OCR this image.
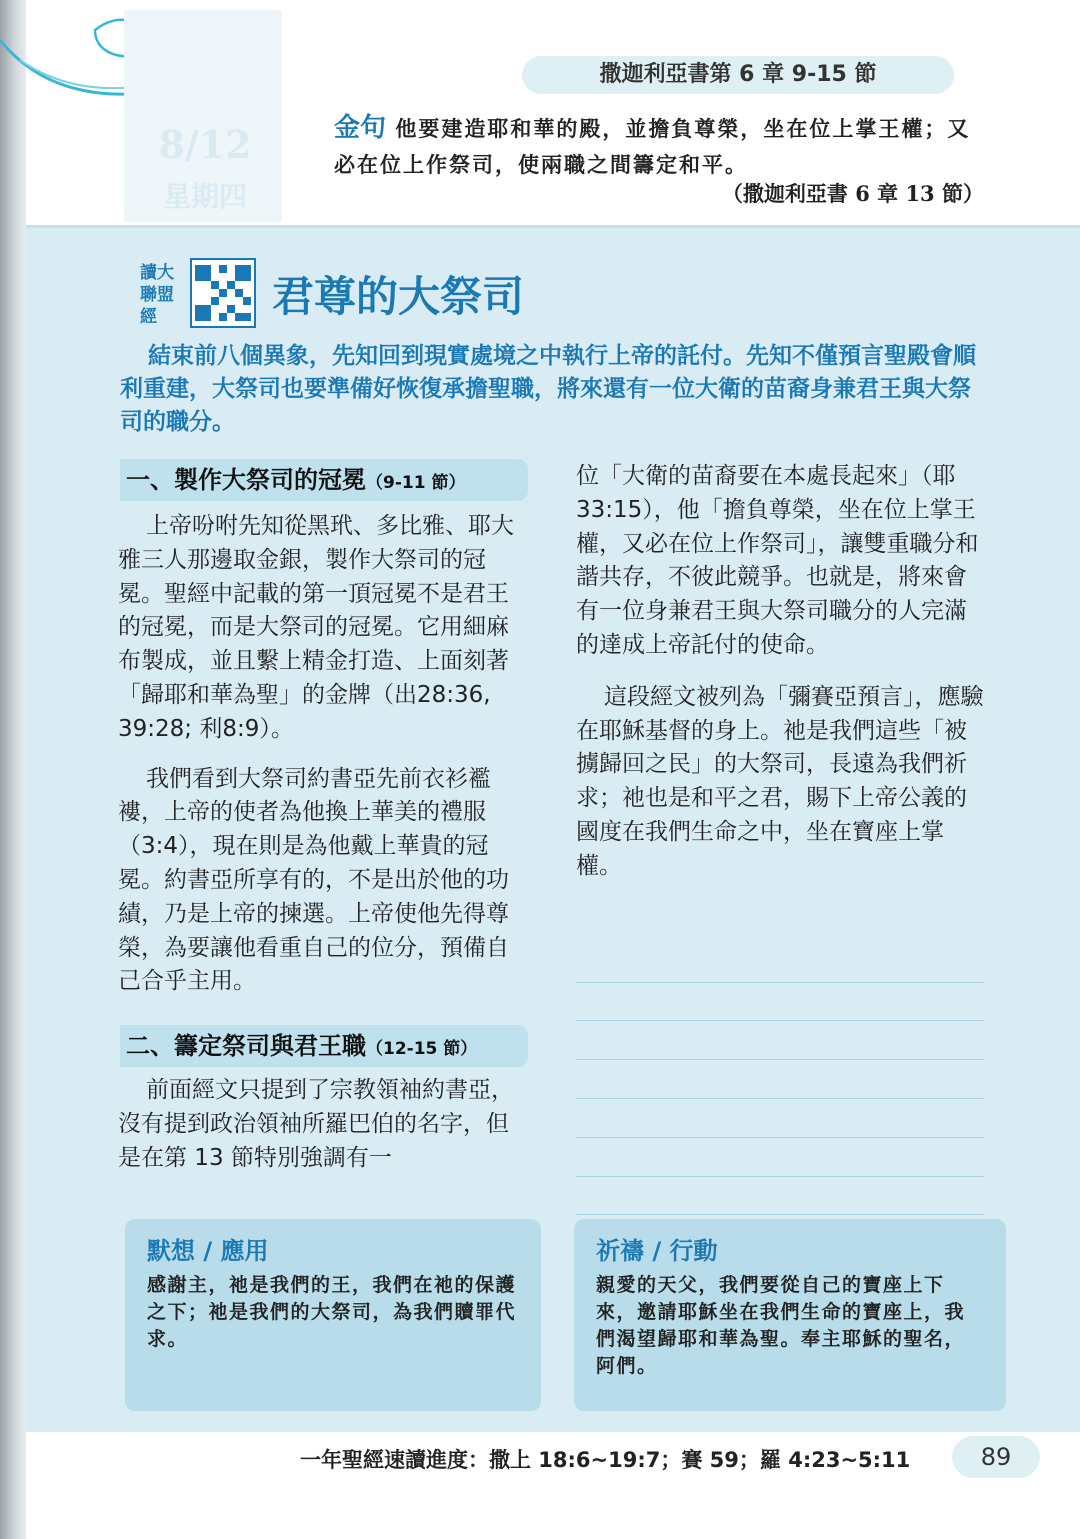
8/12
星期四
撒迦利亞書第 6 章 9-15 節
金句 他要建造耶和華的殿，並擔負尊榮，坐在位上掌王權；又必在位上作祭司，使兩職之間籌定和平。
（撒迦利亞書 6 章 13 節）
讀大聯盟經	君尊的大祭司

結束前八個異象，先知回到現實處境之中執行上帝的託付。先知不僅預言聖殿會順利重建，大祭司也要準備好恢復承擔聖職，將來還有一位大衛的苗裔身兼君王與大祭司的職分。

一、製作大祭司的冠冕（9-11 節）

上帝吩咐先知從黑玳、多比雅、耶大雅三人那邊取金銀，製作大祭司的冠冕。聖經中記載的第一頂冠冕不是君王的冠冕，而是大祭司的冠冕。它用細麻布製成，並且繫上精金打造、上面刻著「歸耶和華為聖」的金牌（出28:36, 39:28; 利8:9）。

我們看到大祭司約書亞先前衣衫襤褸，上帝的使者為他換上華美的禮服（3:4），現在則是為他戴上華貴的冠冕。約書亞所享有的，不是出於他的功績，乃是上帝的揀選。上帝使他先得尊榮，為要讓他看重自己的位分，預備自己合乎主用。

二、籌定祭司與君王職（12-15 節）

前面經文只提到了宗教領袖約書亞，沒有提到政治領袖所羅巴伯的名字，但是在第 13 節特別強調有一

位「大衛的苗裔要在本處長起來」（耶 33:15），他「擔負尊榮，坐在位上掌王權，又必在位上作祭司」，讓雙重職分和諧共存，不彼此競爭。也就是，將來會有一位身兼君王與大祭司職分的人完滿的達成上帝託付的使命。

這段經文被列為「彌賽亞預言」，應驗在耶穌基督的身上。祂是我們這些「被擄歸回之民」的大祭司，長遠為我們祈求；祂也是和平之君，賜下上帝公義的國度在我們生命之中，坐在寶座上掌權。

默想 / 應用
感謝主，祂是我們的王，我們在祂的保護之下；祂是我們的大祭司，為我們贖罪代求。
祈禱 / 行動
親愛的天父，我們要從自己的寶座上下來，邀請耶穌坐在我們生命的寶座上，我們渴望歸耶和華為聖。奉主耶穌的聖名，阿們。
一年聖經速讀進度：撒上 18:6~19:7；賽 59；羅 4:23~5:11	89
